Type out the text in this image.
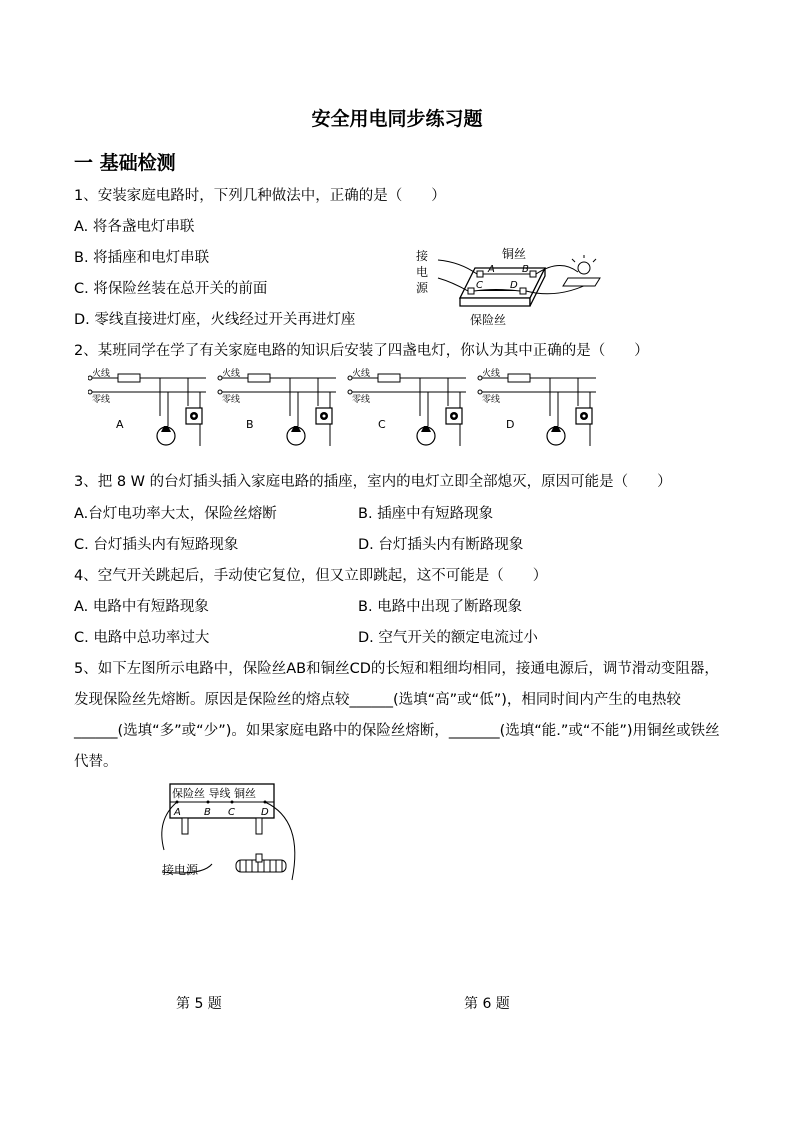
安全用电同步练习题
一 基础检测
1、安装家庭电路时，下列几种做法中，正确的是（　　）
A. 将各盏电灯串联
B. 将插座和电灯串联
C. 将保险丝装在总开关的前面
D. 零线直接进灯座，火线经过开关再进灯座
铜丝
接
电
源
保险丝
A	B
C	D
2、某班同学在学了有关家庭电路的知识后安装了四盏电灯，你认为其中正确的是（　　）
火线
零线
A
火线
零线
B
火线
零线
C
火线
零线
D
3、把 8 W 的台灯插头插入家庭电路的插座，室内的电灯立即全部熄灭，原因可能是（　　）
A.台灯电功率大太，保险丝熔断	B. 插座中有短路现象
C. 台灯插头内有短路现象	D. 台灯插头内有断路现象
4、空气开关跳起后，手动使它复位，但又立即跳起，这不可能是（　　）
A. 电路中有短路现象	B. 电路中出现了断路现象
C. 电路中总功率过大	D. 空气开关的额定电流过小
5、如下左图所示电路中，保险丝AB和铜丝CD的长短和粗细均相同，接通电源后，调节滑动变阻器，发现保险丝先熔断。原因是保险丝的熔点较______(选填“高”或“低”)，相同时间内产生的电热较______(选填“多”或“少”)。如果家庭电路中的保险丝熔断，_______(选填“能.”或“不能”)用铜丝或铁丝代替。
保险丝 导线 铜丝
A B C	D
接电源
第 5 题	第 6 题
